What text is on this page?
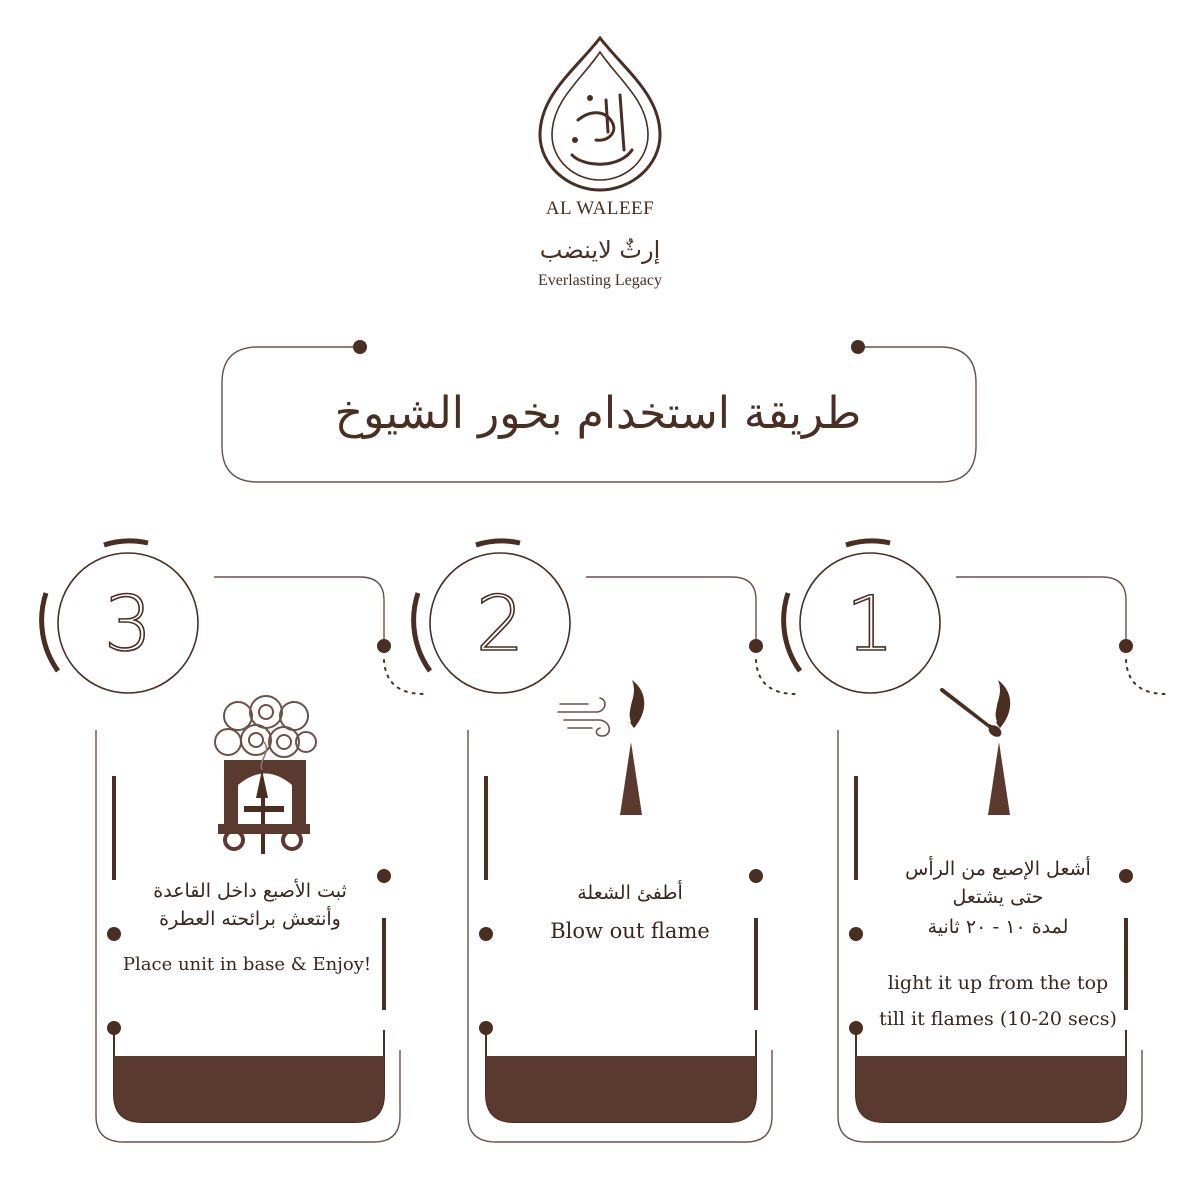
AL WALEEF
إرثٌ لاينضب
Everlasting Legacy
طريقة استخدام بخور الشيوخ
3	2	1
ثبت الأصبع داخل القاعدة
وأنتعش برائحته العطرة
Place unit in base & Enjoy!
أطفئ الشعلة
Blow out flame
أشعل الإصبع من الرأس
حتى يشتعل
لمدة ١٠ - ٢٠ ثانية
light it up from the top
till it flames (10-20 secs)
